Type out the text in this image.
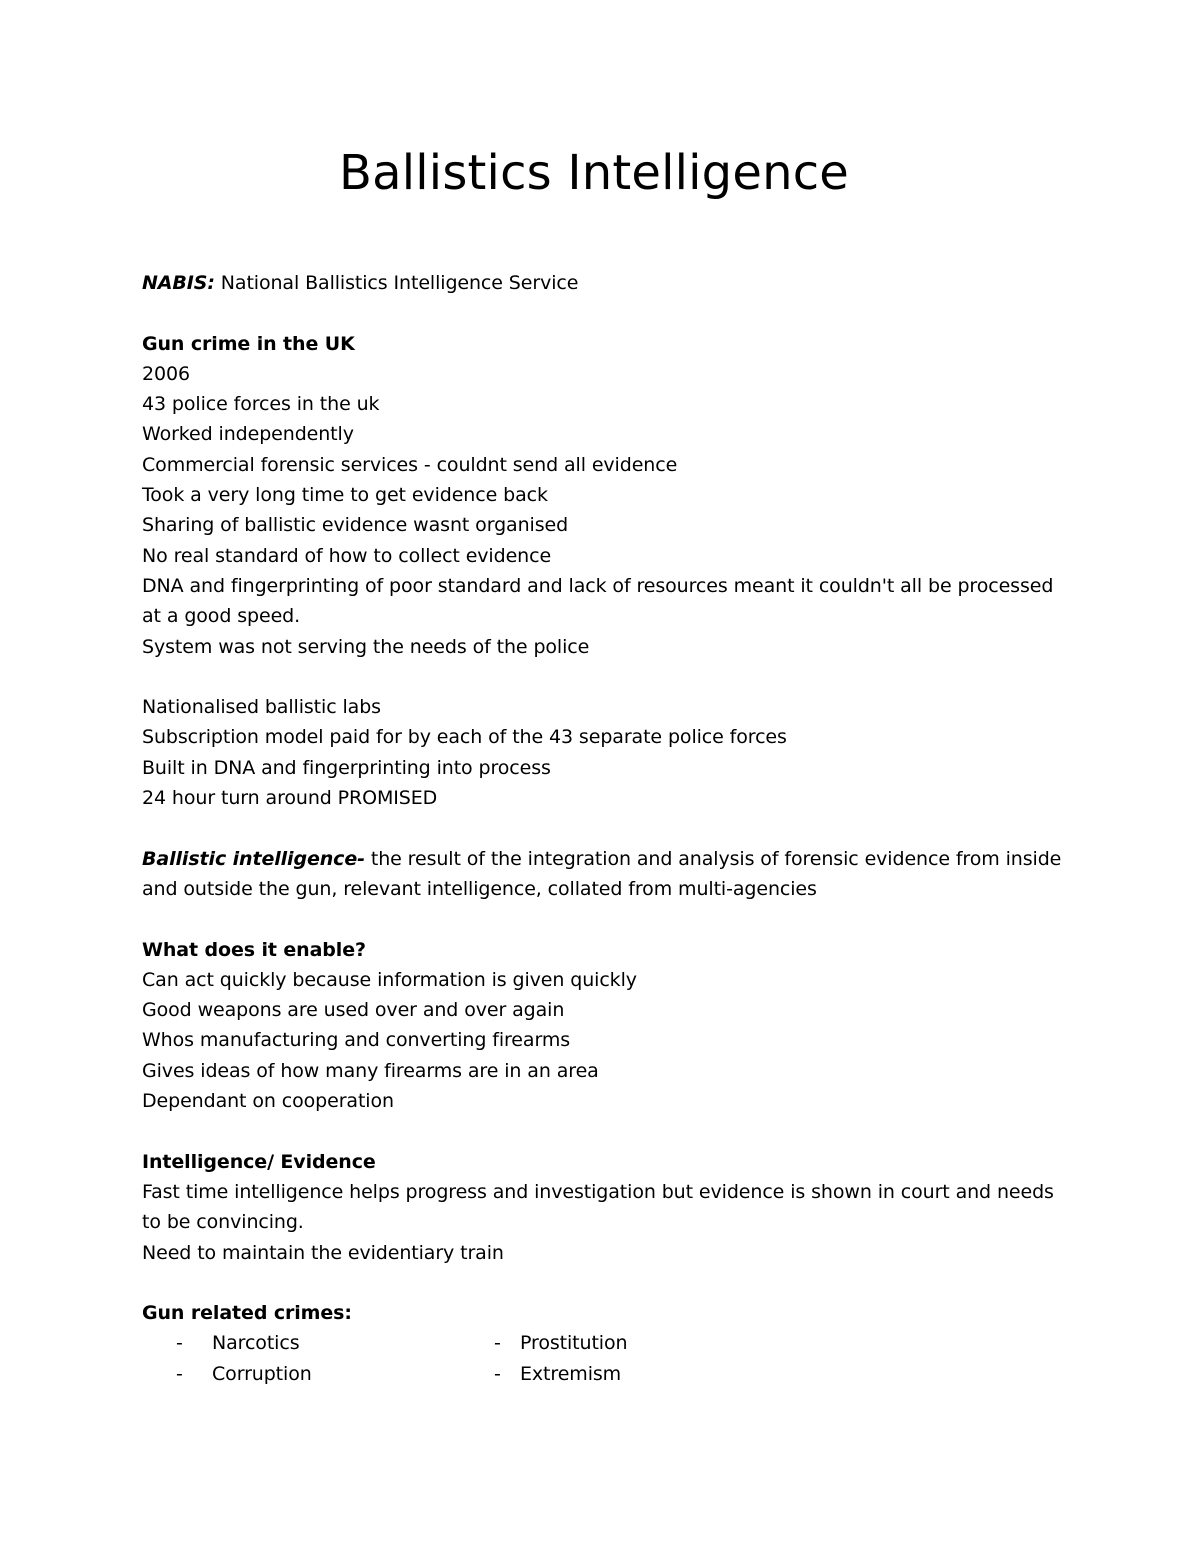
Ballistics Intelligence

NABIS: National Ballistics Intelligence Service

Gun crime in the UK

2006

43 police forces in the uk

Worked independently

Commercial forensic services - couldnt send all evidence

Took a very long time to get evidence back

Sharing of ballistic evidence wasnt organised

No real standard of how to collect evidence

DNA and fingerprinting of poor standard and lack of resources meant it couldn't all be processed at a good speed.

System was not serving the needs of the police

Nationalised ballistic labs

Subscription model paid for by each of the 43 separate police forces

Built in DNA and fingerprinting into process

24 hour turn around PROMISED

Ballistic intelligence- the result of the integration and analysis of forensic evidence from inside and outside the gun, relevant intelligence, collated from multi-agencies

What does it enable?

Can act quickly because information is given quickly

Good weapons are used over and over again

Whos manufacturing and converting firearms

Gives ideas of how many firearms are in an area

Dependant on cooperation

Intelligence/ Evidence

Fast time intelligence helps progress and investigation but evidence is shown in court and needs to be convincing.

Need to maintain the evidentiary train

Gun related crimes:

- Narcotics	- Prostitution
- Corruption	- Extremism
